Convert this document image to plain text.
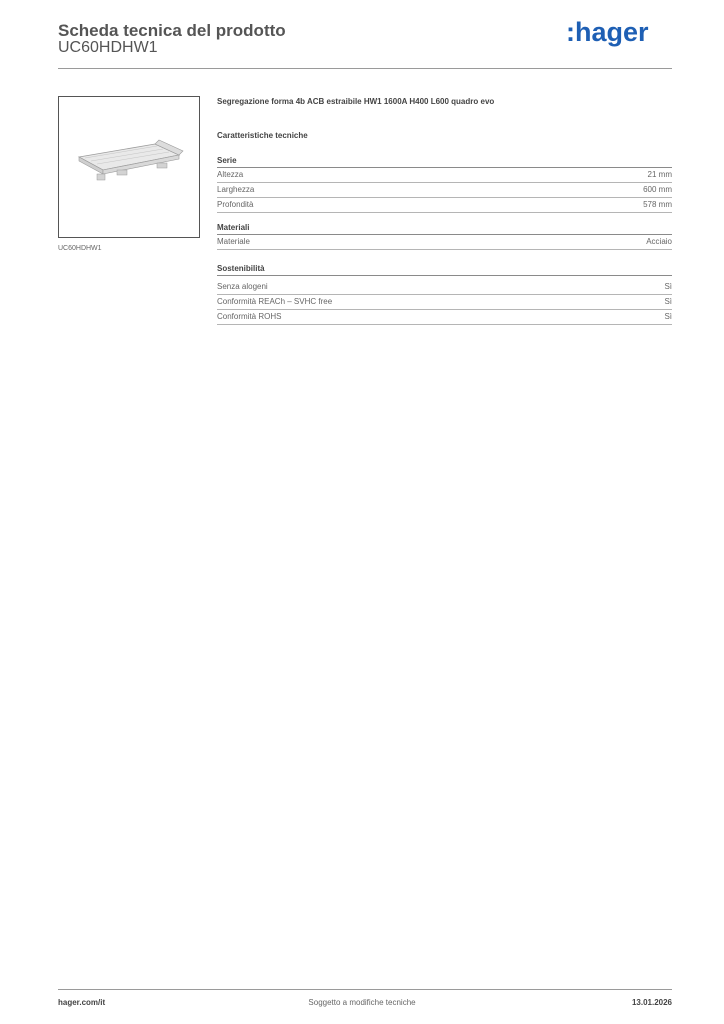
Scheda tecnica del prodotto
UC60HDHW1
:hager
UC60HDHW1
Segregazione forma 4b ACB estraibile HW1 1600A H400 L600 quadro evo
Caratteristiche tecniche
Serie
Altezza	21 mm
Larghezza	600 mm
Profondità	578 mm
Materiali
Materiale	Acciaio
Sostenibilità
Senza alogeni	Sì
Conformità REACh – SVHC free	Sì
Conformità ROHS	Sì
hager.com/it	Soggetto a modifiche tecniche	13.01.2026
